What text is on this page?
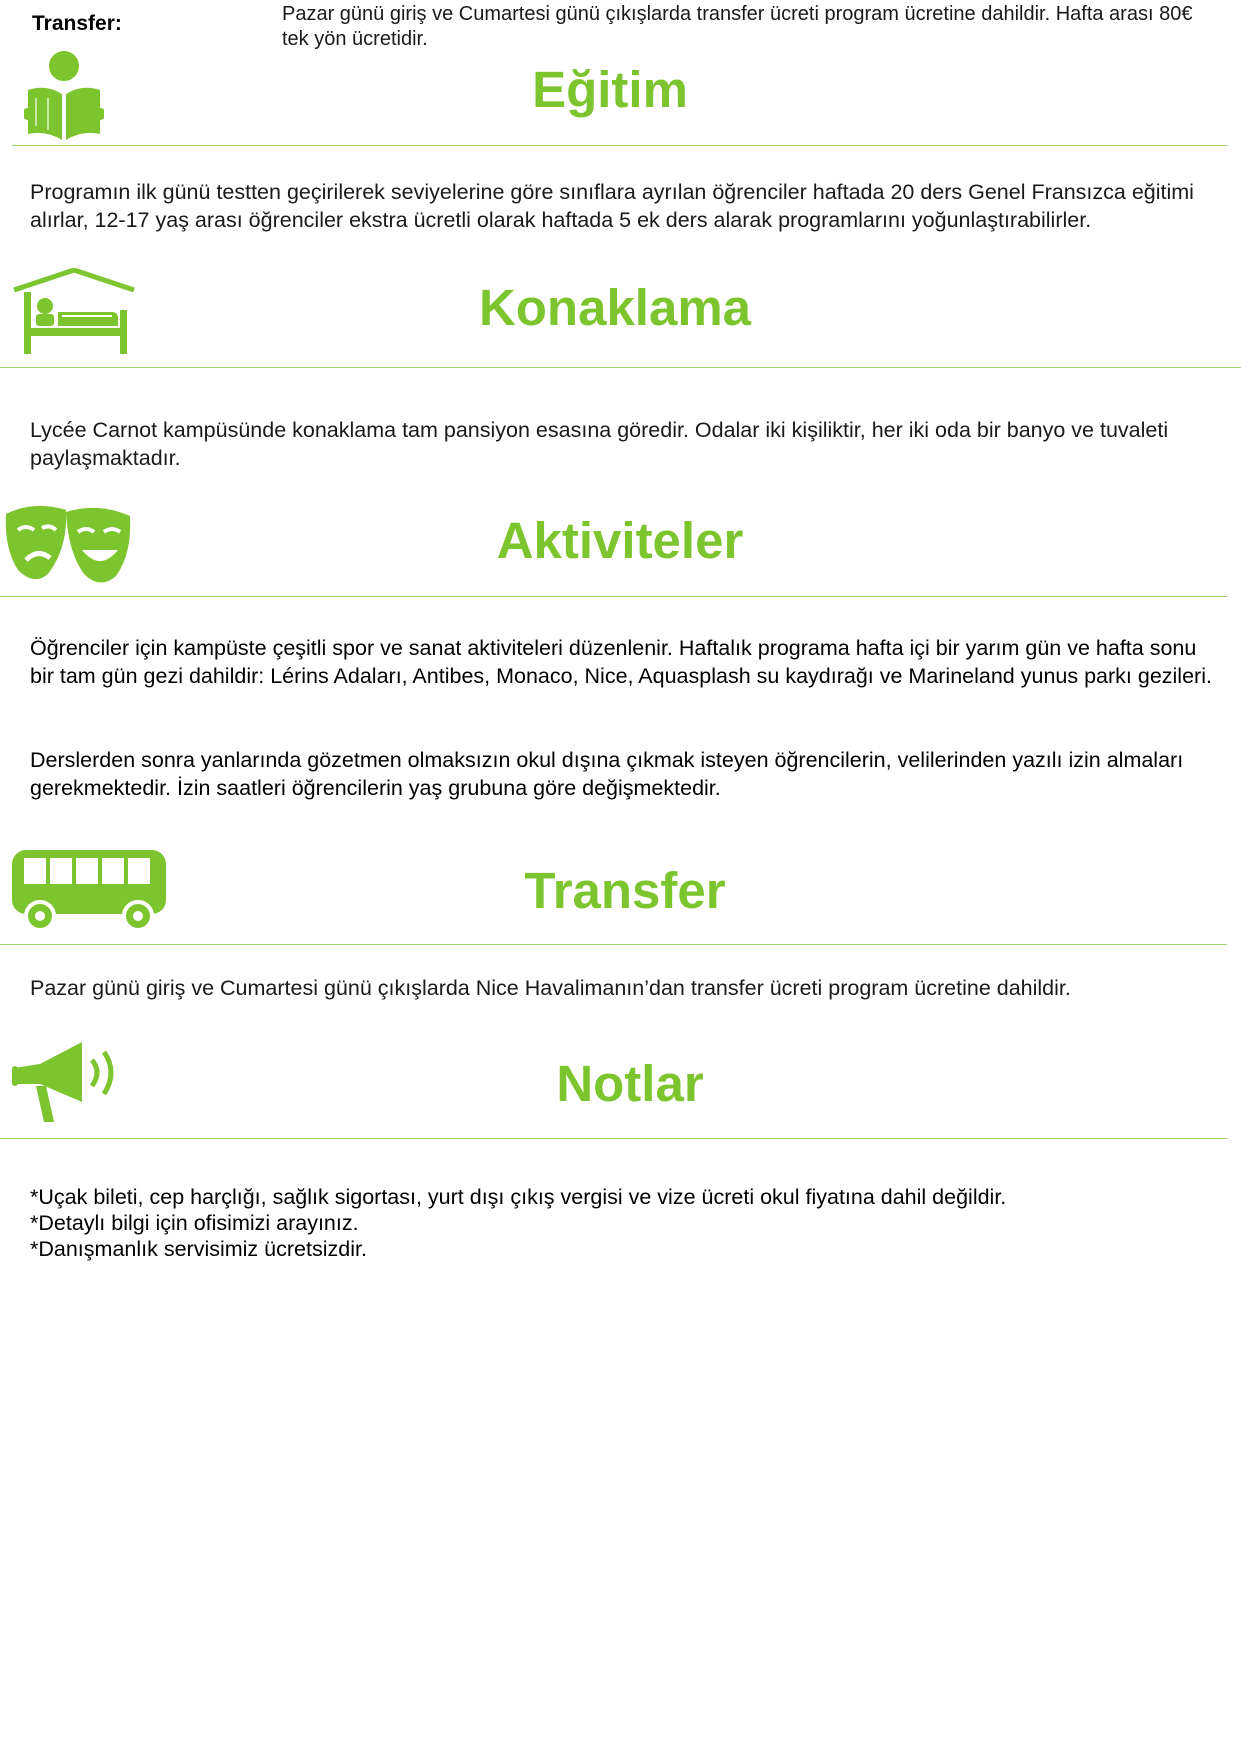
Transfer:	Pazar günü giriş ve Cumartesi günü çıkışlarda transfer ücreti program ücretine dahildir. Hafta arası 80€ tek yön ücretidir.
Eğitim
Programın ilk günü testten geçirilerek seviyelerine göre sınıflara ayrılan öğrenciler haftada 20 ders Genel Fransızca eğitimi alırlar, 12-17 yaş arası öğrenciler ekstra ücretli olarak haftada 5 ek ders alarak programlarını yoğunlaştırabilirler.
Konaklama
Lycée Carnot kampüsünde konaklama tam pansiyon esasına göredir. Odalar iki kişiliktir, her iki oda bir banyo ve tuvaleti paylaşmaktadır.
Aktiviteler
Öğrenciler için kampüste çeşitli spor ve sanat aktiviteleri düzenlenir. Haftalık programa hafta içi bir yarım gün ve hafta sonu bir tam gün gezi dahildir: Lérins Adaları, Antibes, Monaco, Nice, Aquasplash su kaydırağı ve Marineland yunus parkı gezileri.
Derslerden sonra yanlarında gözetmen olmaksızın okul dışına çıkmak isteyen öğrencilerin, velilerinden yazılı izin almaları gerekmektedir. İzin saatleri öğrencilerin yaş grubuna göre değişmektedir.
Transfer
Pazar günü giriş ve Cumartesi günü çıkışlarda Nice Havalimanın’dan transfer ücreti program ücretine dahildir.
Notlar
*Uçak bileti, cep harçlığı, sağlık sigortası, yurt dışı çıkış vergisi ve vize ücreti okul fiyatına dahil değildir.
*Detaylı bilgi için ofisimizi arayınız.
*Danışmanlık servisimiz ücretsizdir.
